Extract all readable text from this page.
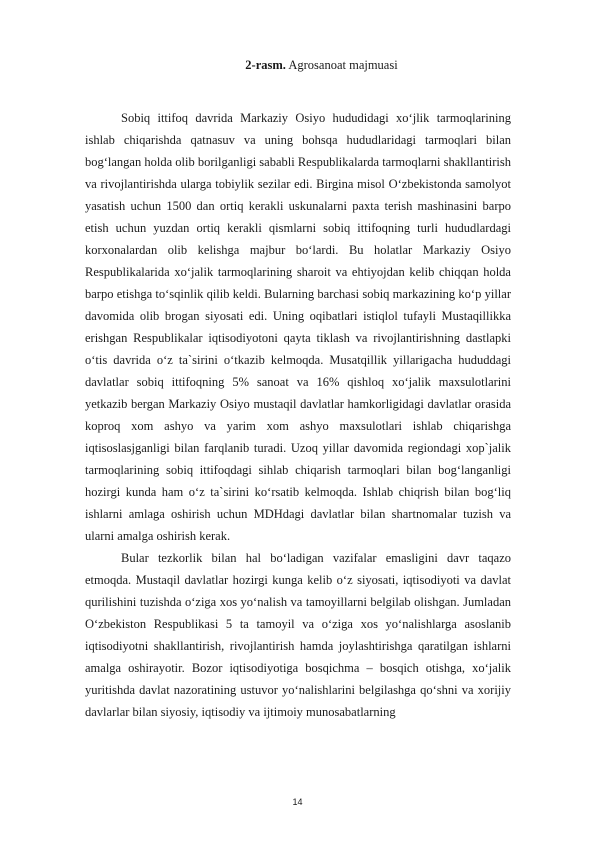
2-rasm. Agrosanoat majmuasi

Sobiq ittifoq davrida Markaziy Osiyo hududidagi xo‘jlik tarmoqlarining ishlab chiqarishda qatnasuv va uning bohsqa hududlaridagi tarmoqlari bilan bog‘langan holda olib borilganligi sababli Respublikalarda tarmoqlarni shakllantirish va rivojlantirishda ularga tobiylik sezilar edi. Birgina misol O‘zbekistonda samolyot yasatish uchun 1500 dan ortiq kerakli uskunalarni paxta terish mashinasini barpo etish uchun yuzdan ortiq kerakli qismlarni sobiq ittifoqning turli hududlardagi korxonalardan olib kelishga majbur bo‘lardi. Bu holatlar Markaziy Osiyo Respublikalarida xo‘jalik tarmoqlarining sharoit va ehtiyojdan kelib chiqqan holda barpo etishga to‘sqinlik qilib keldi. Bularning barchasi sobiq markazining ko‘p yillar davomida olib brogan siyosati edi. Uning oqibatlari istiqlol tufayli Mustaqillikka erishgan Respublikalar iqtisodiyotoni qayta tiklash va rivojlantirishning dastlapki o‘tis davrida o‘z ta`sirini o‘tkazib kelmoqda. Musatqillik yillarigacha hududdagi davlatlar sobiq ittifoqning 5% sanoat va 16% qishloq xo‘jalik maxsulotlarini yetkazib bergan Markaziy Osiyo mustaqil davlatlar hamkorligidagi davlatlar orasida koproq xom ashyo va yarim xom ashyo maxsulotlari ishlab chiqarishga iqtisoslasjganligi bilan farqlanib turadi. Uzoq yillar davomida regiondagi xop`jalik tarmoqlarining sobiq ittifoqdagi sihlab chiqarish tarmoqlari bilan bog‘langanligi hozirgi kunda ham o‘z ta`sirini ko‘rsatib kelmoqda. Ishlab chiqrish bilan bog‘liq ishlarni amlaga oshirish uchun MDHdagi davlatlar bilan shartnomalar tuzish va ularni amalga oshirish kerak.

Bular tezkorlik bilan hal bo‘ladigan vazifalar emasligini davr taqazo etmoqda. Mustaqil davlatlar hozirgi kunga kelib o‘z siyosati, iqtisodiyoti va davlat qurilishini tuzishda o‘ziga xos yo‘nalish va tamoyillarni belgilab olishgan. Jumladan O‘zbekiston Respublikasi 5 ta tamoyil va o‘ziga xos yo‘nalishlarga asoslanib iqtisodiyotni shakllantirish, rivojlantirish hamda joylashtirishga qaratilgan ishlarni amalga oshirayotir. Bozor iqtisodiyotiga bosqichma – bosqich otishga, xo‘jalik yuritishda davlat nazoratining ustuvor yo‘nalishlarini belgilashga qo‘shni va xorijiy davlarlar bilan siyosiy, iqtisodiy va ijtimoiy munosabatlarning

14
